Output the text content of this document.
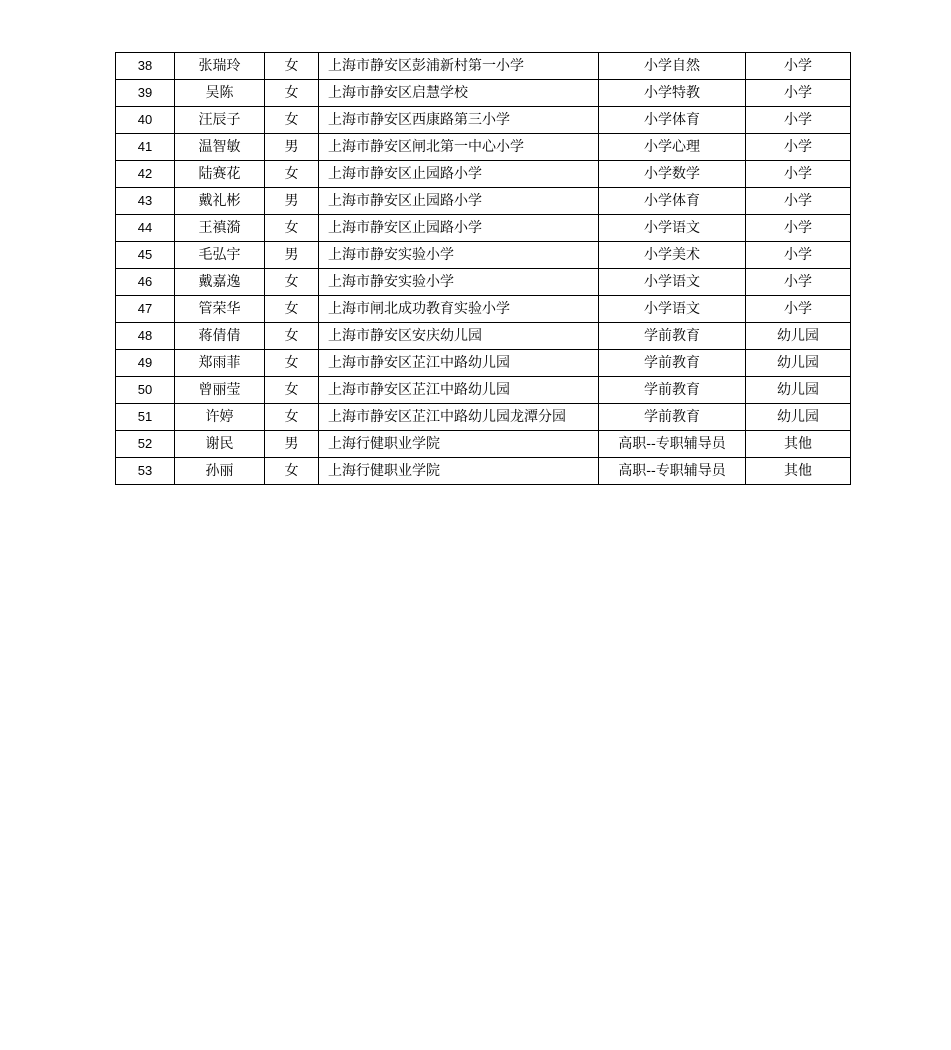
38	张瑞玲	女	上海市静安区彭浦新村第一小学	小学自然	小学
39	吴陈	女	上海市静安区启慧学校	小学特教	小学
40	汪辰子	女	上海市静安区西康路第三小学	小学体育	小学
41	温智敏	男	上海市静安区闸北第一中心小学	小学心理	小学
42	陆赛花	女	上海市静安区止园路小学	小学数学	小学
43	戴礼彬	男	上海市静安区止园路小学	小学体育	小学
44	王禛漪	女	上海市静安区止园路小学	小学语文	小学
45	毛弘宇	男	上海市静安实验小学	小学美术	小学
46	戴嘉逸	女	上海市静安实验小学	小学语文	小学
47	管荣华	女	上海市闸北成功教育实验小学	小学语文	小学
48	蒋倩倩	女	上海市静安区安庆幼儿园	学前教育	幼儿园
49	郑雨菲	女	上海市静安区芷江中路幼儿园	学前教育	幼儿园
50	曾丽莹	女	上海市静安区芷江中路幼儿园	学前教育	幼儿园
51	许婷	女	上海市静安区芷江中路幼儿园龙潭分园	学前教育	幼儿园
52	谢民	男	上海行健职业学院	高职--专职辅导员	其他
53	孙丽	女	上海行健职业学院	高职--专职辅导员	其他
